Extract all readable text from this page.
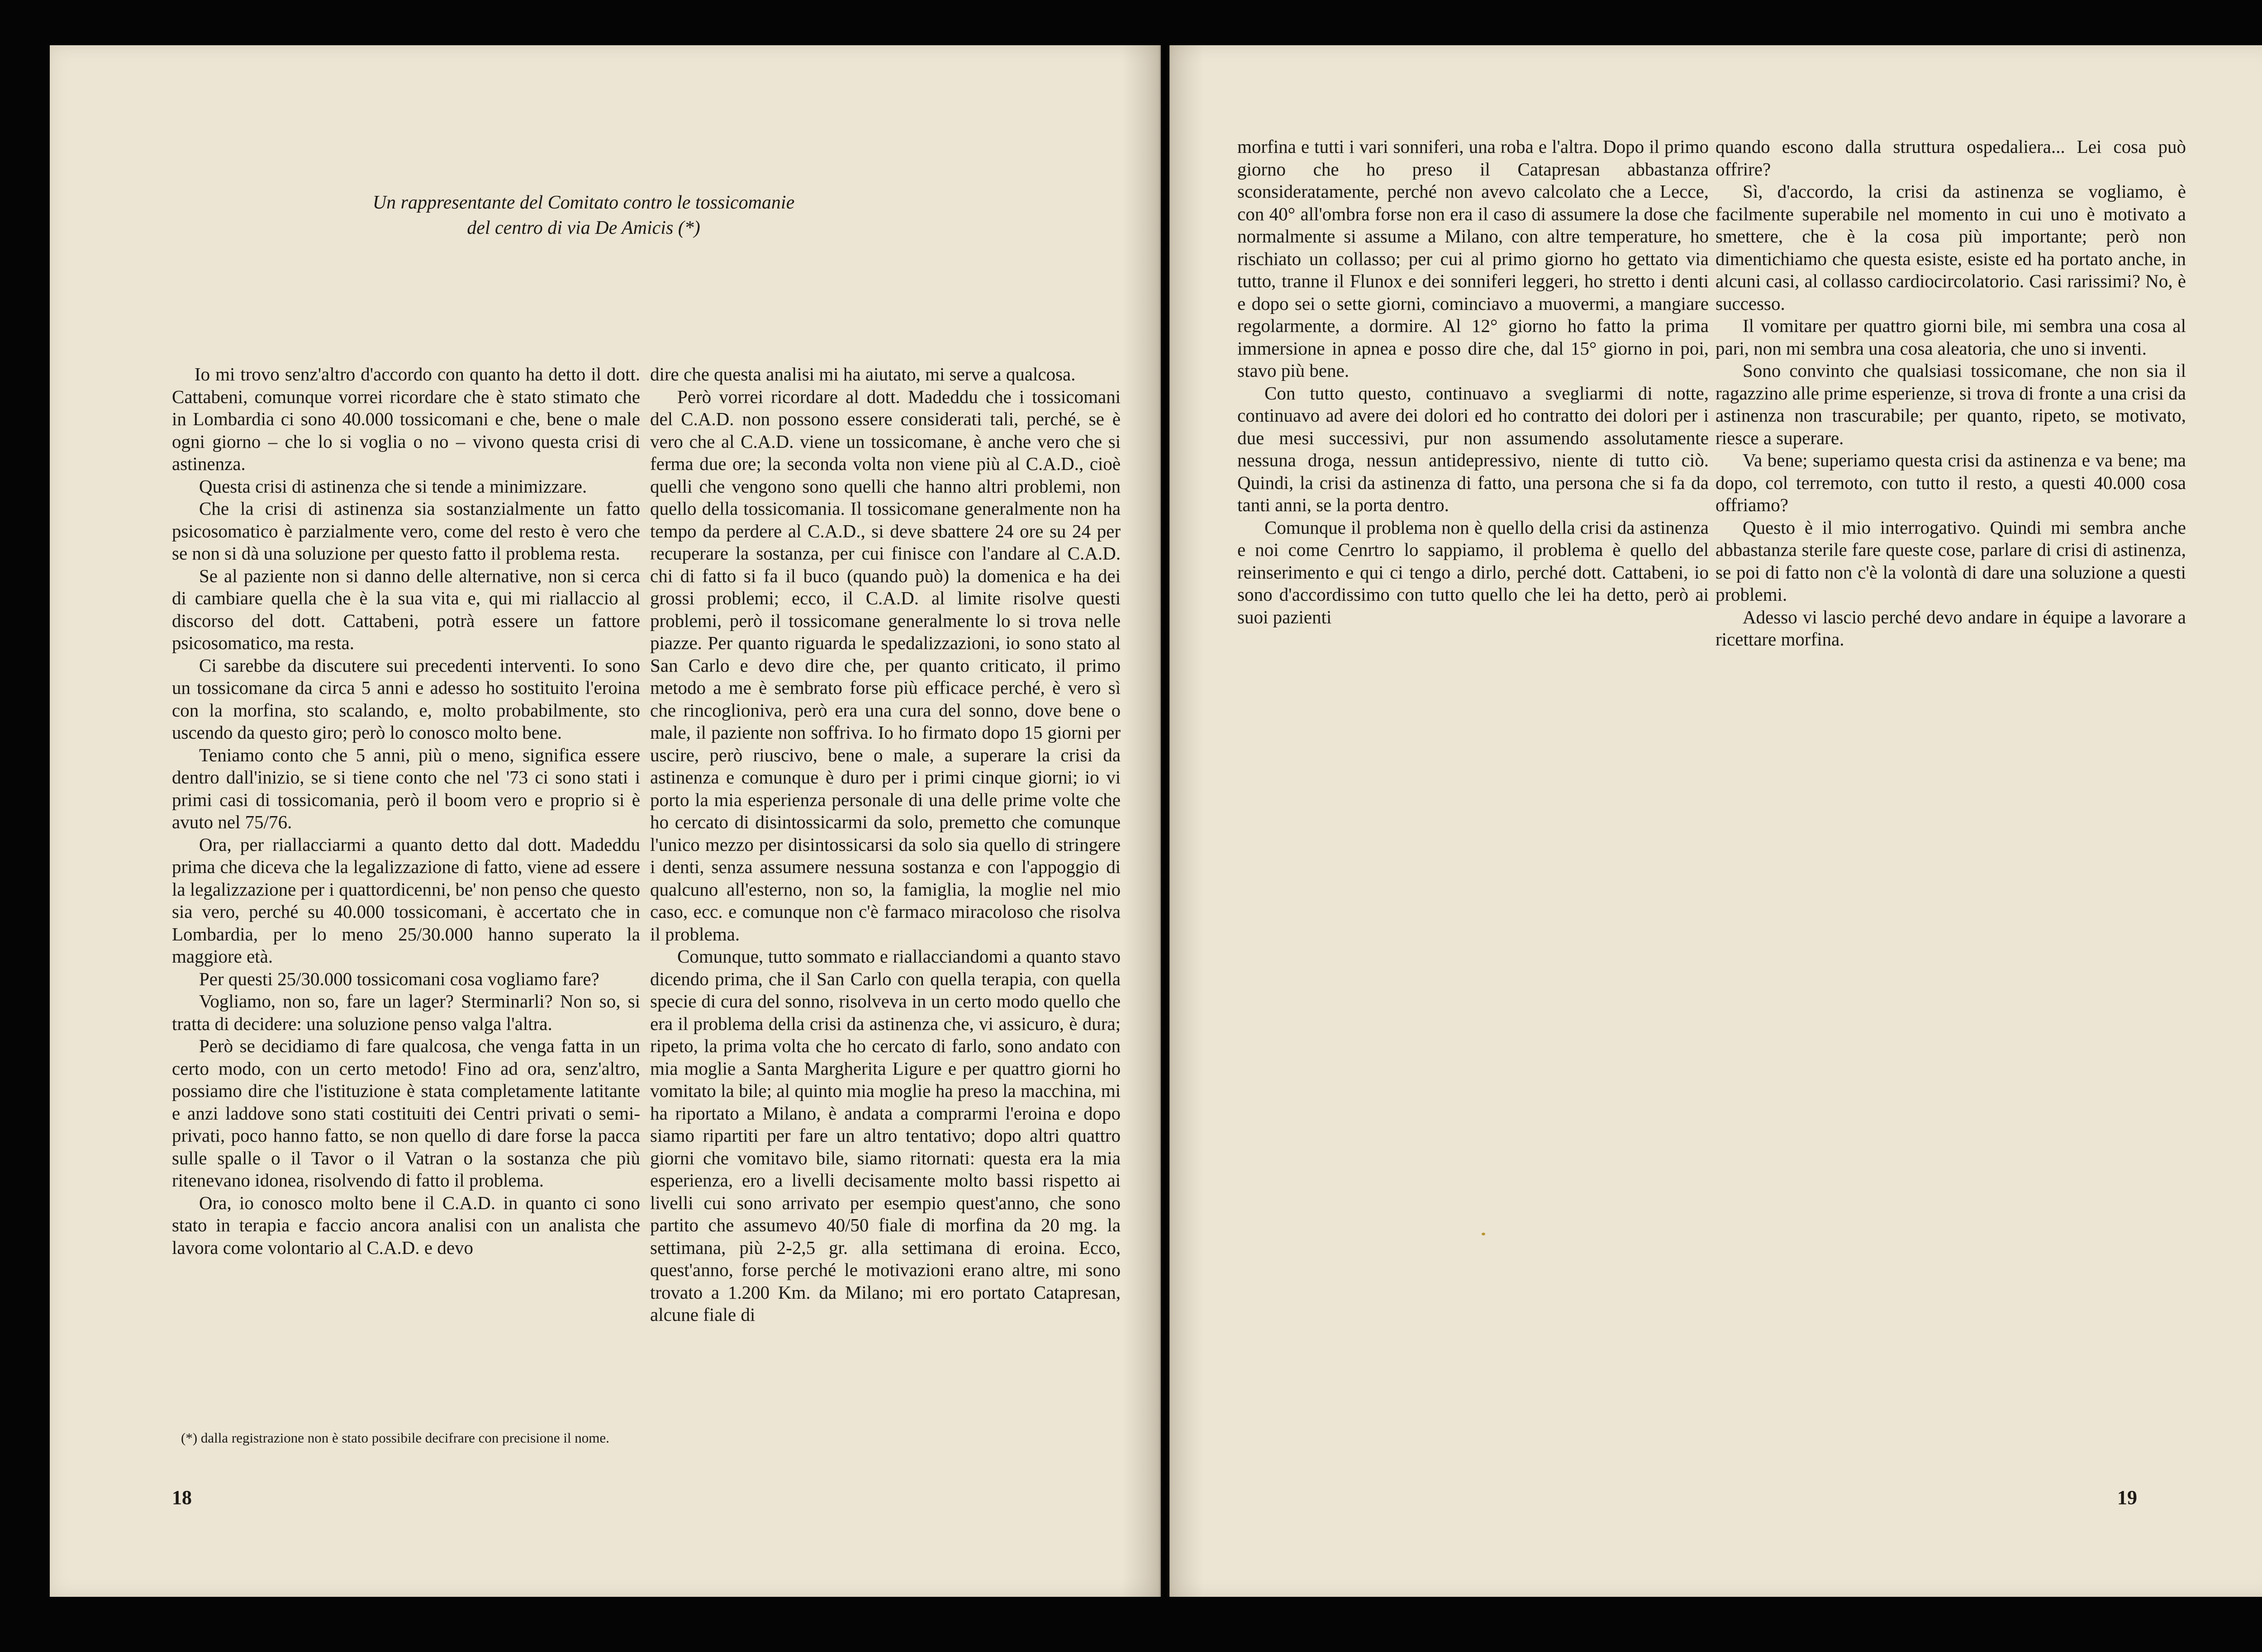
Un rappresentante del Comitato contro le tossicomanie
del centro di via De Amicis (*)

Io mi trovo senz'altro d'accordo con quanto ha detto il dott. Cattabeni, comunque vorrei ricordare che è stato stimato che in Lombardia ci sono 40.000 tossicomani e che, bene o male ogni giorno – che lo si voglia o no – vivono questa crisi di astinenza.

Questa crisi di astinenza che si tende a minimizzare.

Che la crisi di astinenza sia sostanzialmente un fatto psicosomatico è parzialmente vero, come del resto è vero che se non si dà una soluzione per questo fatto il problema resta.

Se al paziente non si danno delle alternative, non si cerca di cambiare quella che è la sua vita e, qui mi riallaccio al discorso del dott. Cattabeni, potrà essere un fattore psicosomatico, ma resta.

Ci sarebbe da discutere sui precedenti interventi. Io sono un tossicomane da circa 5 anni e adesso ho sostituito l'eroina con la morfina, sto scalando, e, molto probabilmente, sto uscendo da questo giro; però lo conosco molto bene.

Teniamo conto che 5 anni, più o meno, significa essere dentro dall'inizio, se si tiene conto che nel '73 ci sono stati i primi casi di tossicomania, però il boom vero e proprio si è avuto nel 75/76.

Ora, per riallacciarmi a quanto detto dal dott. Madeddu prima che diceva che la legalizzazione di fatto, viene ad essere la legalizzazione per i quattordicenni, be' non penso che questo sia vero, perché su 40.000 tossicomani, è accertato che in Lombardia, per lo meno 25/30.000 hanno superato la maggiore età.

Per questi 25/30.000 tossicomani cosa vogliamo fare?

Vogliamo, non so, fare un lager? Sterminarli? Non so, si tratta di decidere: una soluzione penso valga l'altra.

Però se decidiamo di fare qualcosa, che venga fatta in un certo modo, con un certo metodo! Fino ad ora, senz'altro, possiamo dire che l'istituzione è stata completamente latitante e anzi laddove sono stati costituiti dei Centri privati o semi-privati, poco hanno fatto, se non quello di dare forse la pacca sulle spalle o il Tavor o il Vatran o la sostanza che più ritenevano idonea, risolvendo di fatto il problema.

Ora, io conosco molto bene il C.A.D. in quanto ci sono stato in terapia e faccio ancora analisi con un analista che lavora come volontario al C.A.D. e devo

(*) dalla registrazione non è stato possibile decifrare con precisione il nome.
18

dire che questa analisi mi ha aiutato, mi serve a qualcosa.

Però vorrei ricordare al dott. Madeddu che i tossicomani del C.A.D. non possono essere considerati tali, perché, se è vero che al C.A.D. viene un tossicomane, è anche vero che si ferma due ore; la seconda volta non viene più al C.A.D., cioè quelli che vengono sono quelli che hanno altri problemi, non quello della tossicomania. Il tossicomane generalmente non ha tempo da perdere al C.A.D., si deve sbattere 24 ore su 24 per recuperare la sostanza, per cui finisce con l'andare al C.A.D. chi di fatto si fa il buco (quando può) la domenica e ha dei grossi problemi; ecco, il C.A.D. al limite risolve questi problemi, però il tossicomane generalmente lo si trova nelle piazze. Per quanto riguarda le spedalizzazioni, io sono stato al San Carlo e devo dire che, per quanto criticato, il primo metodo a me è sembrato forse più efficace perché, è vero sì che rincoglioniva, però era una cura del sonno, dove bene o male, il paziente non soffriva. Io ho firmato dopo 15 giorni per uscire, però riuscivo, bene o male, a superare la crisi da astinenza e comunque è duro per i primi cinque giorni; io vi porto la mia esperienza personale di una delle prime volte che ho cercato di disintossicarmi da solo, premetto che comunque l'unico mezzo per disintossicarsi da solo sia quello di stringere i denti, senza assumere nessuna sostanza e con l'appoggio di qualcuno all'esterno, non so, la famiglia, la moglie nel mio caso, ecc. e comunque non c'è farmaco miracoloso che risolva il problema.

Comunque, tutto sommato e riallacciandomi a quanto stavo dicendo prima, che il San Carlo con quella terapia, con quella specie di cura del sonno, risolveva in un certo modo quello che era il problema della crisi da astinenza che, vi assicuro, è dura; ripeto, la prima volta che ho cercato di farlo, sono andato con mia moglie a Santa Margherita Ligure e per quattro giorni ho vomitato la bile; al quinto mia moglie ha preso la macchina, mi ha riportato a Milano, è andata a comprarmi l'eroina e dopo siamo ripartiti per fare un altro tentativo; dopo altri quattro giorni che vomitavo bile, siamo ritornati: questa era la mia esperienza, ero a livelli decisamente molto bassi rispetto ai livelli cui sono arrivato per esempio quest'anno, che sono partito che assumevo 40/50 fiale di morfina da 20 mg. la settimana, più 2-2,5 gr. alla settimana di eroina. Ecco, quest'anno, forse perché le motivazioni erano altre, mi sono trovato a 1.200 Km. da Milano; mi ero portato Catapresan, alcune fiale di

morfina e tutti i vari sonniferi, una roba e l'altra. Dopo il primo giorno che ho preso il Catapresan abbastanza sconsideratamente, perché non avevo calcolato che a Lecce, con 40° all'ombra forse non era il caso di assumere la dose che normalmente si assume a Milano, con altre temperature, ho rischiato un collasso; per cui al primo giorno ho gettato via tutto, tranne il Flunox e dei sonniferi leggeri, ho stretto i denti e dopo sei o sette giorni, cominciavo a muovermi, a mangiare regolarmente, a dormire. Al 12° giorno ho fatto la prima immersione in apnea e posso dire che, dal 15° giorno in poi, stavo più bene.

Con tutto questo, continuavo a svegliarmi di notte, continuavo ad avere dei dolori ed ho contratto dei dolori per i due mesi successivi, pur non assumendo assolutamente nessuna droga, nessun antidepressivo, niente di tutto ciò. Quindi, la crisi da astinenza di fatto, una persona che si fa da tanti anni, se la porta dentro.

Comunque il problema non è quello della crisi da astinenza e noi come Cenrtro lo sappiamo, il problema è quello del reinserimento e qui ci tengo a dirlo, perché dott. Cattabeni, io sono d'accordissimo con tutto quello che lei ha detto, però ai suoi pazienti

quando escono dalla struttura ospedaliera... Lei cosa può offrire?

Sì, d'accordo, la crisi da astinenza se vogliamo, è facilmente superabile nel momento in cui uno è motivato a smettere, che è la cosa più importante; però non dimentichiamo che questa esiste, esiste ed ha portato anche, in alcuni casi, al collasso cardiocircolatorio. Casi rarissimi? No, è successo.

Il vomitare per quattro giorni bile, mi sembra una cosa al pari, non mi sembra una cosa aleatoria, che uno si inventi.

Sono convinto che qualsiasi tossicomane, che non sia il ragazzino alle prime esperienze, si trova di fronte a una crisi da astinenza non trascurabile; per quanto, ripeto, se motivato, riesce a superare.

Va bene; superiamo questa crisi da astinenza e va bene; ma dopo, col terremoto, con tutto il resto, a questi 40.000 cosa offriamo?

Questo è il mio interrogativo. Quindi mi sembra anche abbastanza sterile fare queste cose, parlare di crisi di astinenza, se poi di fatto non c'è la volontà di dare una soluzione a questi problemi.

Adesso vi lascio perché devo andare in équipe a lavorare a ricettare morfina.

19
